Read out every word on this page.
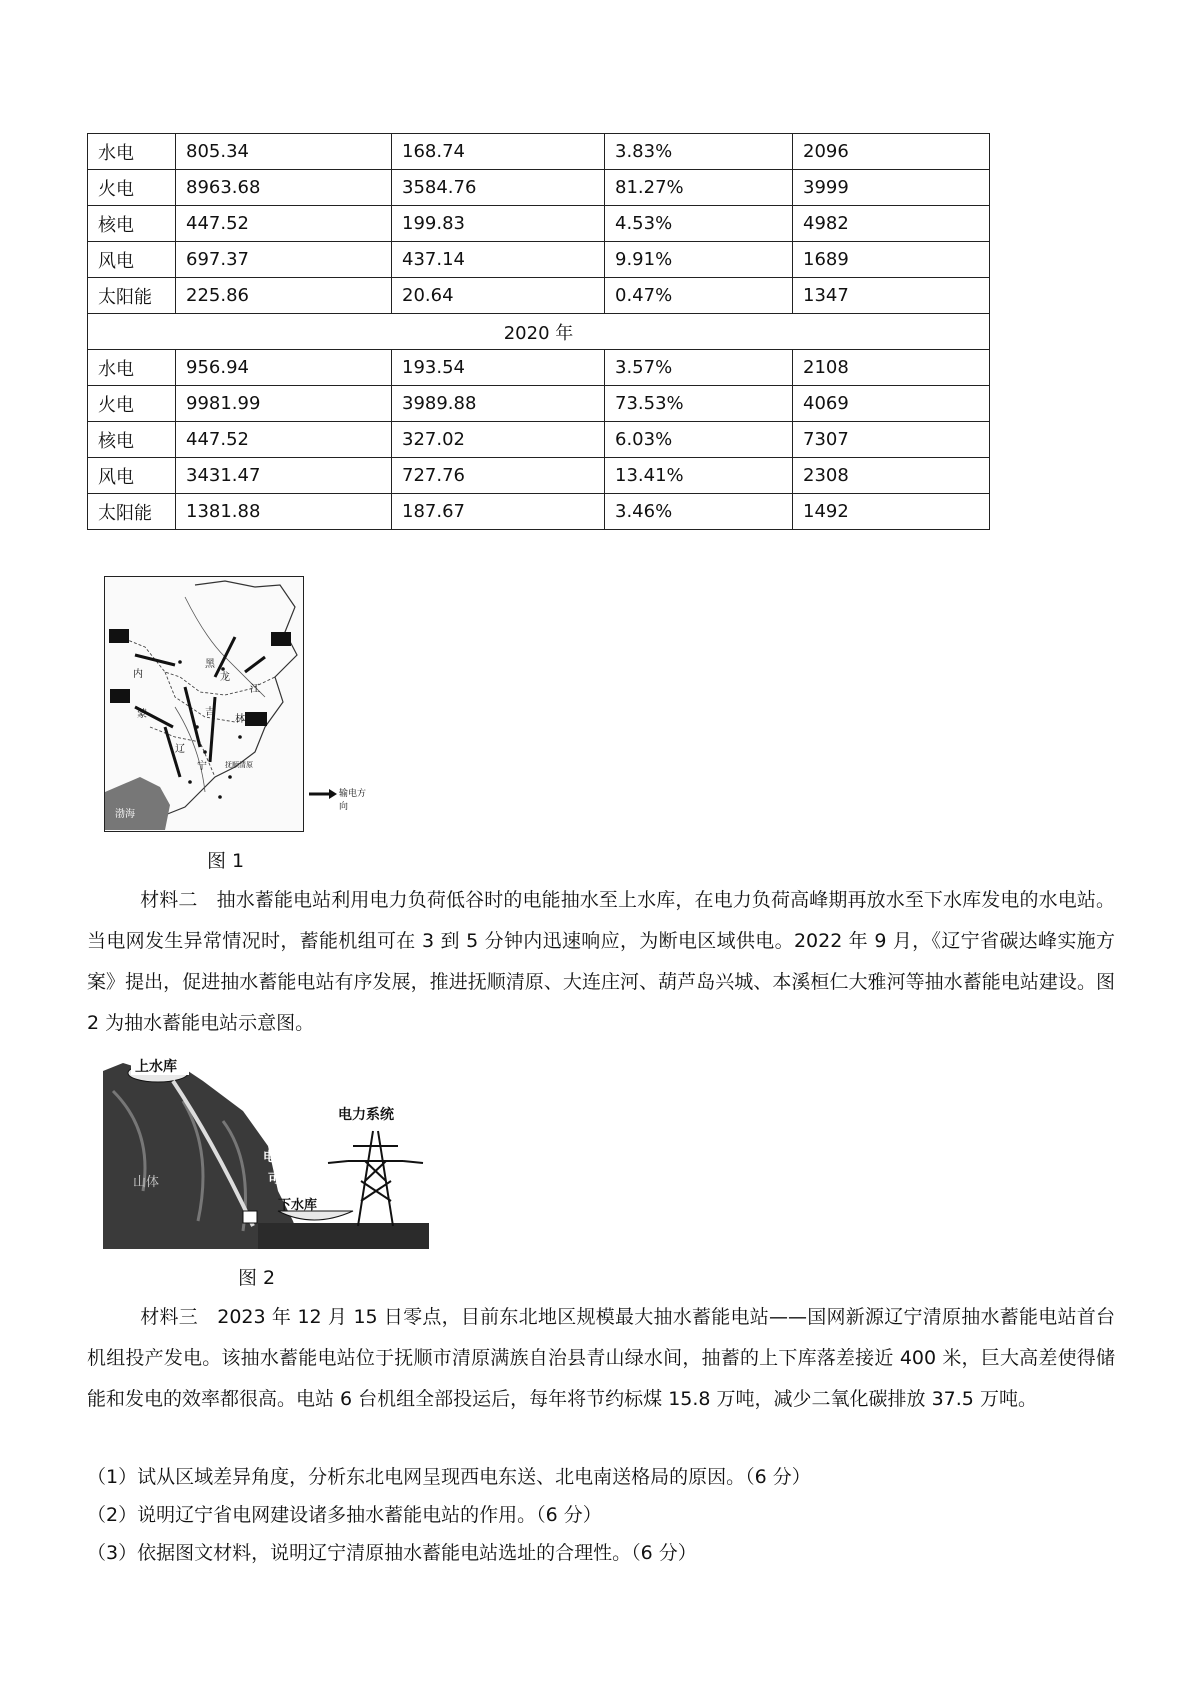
水电	805.34	168.74	3.83%	2096
火电	8963.68	3584.76	81.27%	3999
核电	447.52	199.83	4.53%	4982
风电	697.37	437.14	9.91%	1689
太阳能	225.86	20.64	0.47%	1347
2020 年				
水电	956.94	193.54	3.57%	2108
火电	9981.99	3989.88	73.53%	4069
核电	447.52	327.02	6.03%	7307
风电	3431.47	727.76	13.41%	2308
太阳能	1381.88	187.67	3.46%	1492
内
蒙
黑
龙
江
吉
林
辽
宁	抚顺清原
渤海
输电方向
图 1
材料二　抽水蓄能电站利用电力负荷低谷时的电能抽水至上水库，在电力负荷高峰期再放水至下水库发电的水电站。当电网发生异常情况时，蓄能机组可在 3 到 5 分钟内迅速响应，为断电区域供电。2022 年 9 月，《辽宁省碳达峰实施方案》提出，促进抽水蓄能电站有序发展，推进抚顺清原、大连庄河、葫芦岛兴城、本溪桓仁大雅河等抽水蓄能电站建设。图 2 为抽水蓄能电站示意图。
上水库
下水库
电动发电机
可逆水轮机
电力系统
山体
图 2
材料三　2023 年 12 月 15 日零点，目前东北地区规模最大抽水蓄能电站——国网新源辽宁清原抽水蓄能电站首台机组投产发电。该抽水蓄能电站位于抚顺市清原满族自治县青山绿水间，抽蓄的上下库落差接近 400 米，巨大高差使得储能和发电的效率都很高。电站 6 台机组全部投运后，每年将节约标煤 15.8 万吨，减少二氧化碳排放 37.5 万吨。
（1）试从区域差异角度，分析东北电网呈现西电东送、北电南送格局的原因。（6 分）
（2）说明辽宁省电网建设诸多抽水蓄能电站的作用。（6 分）
（3）依据图文材料，说明辽宁清原抽水蓄能电站选址的合理性。（6 分）
